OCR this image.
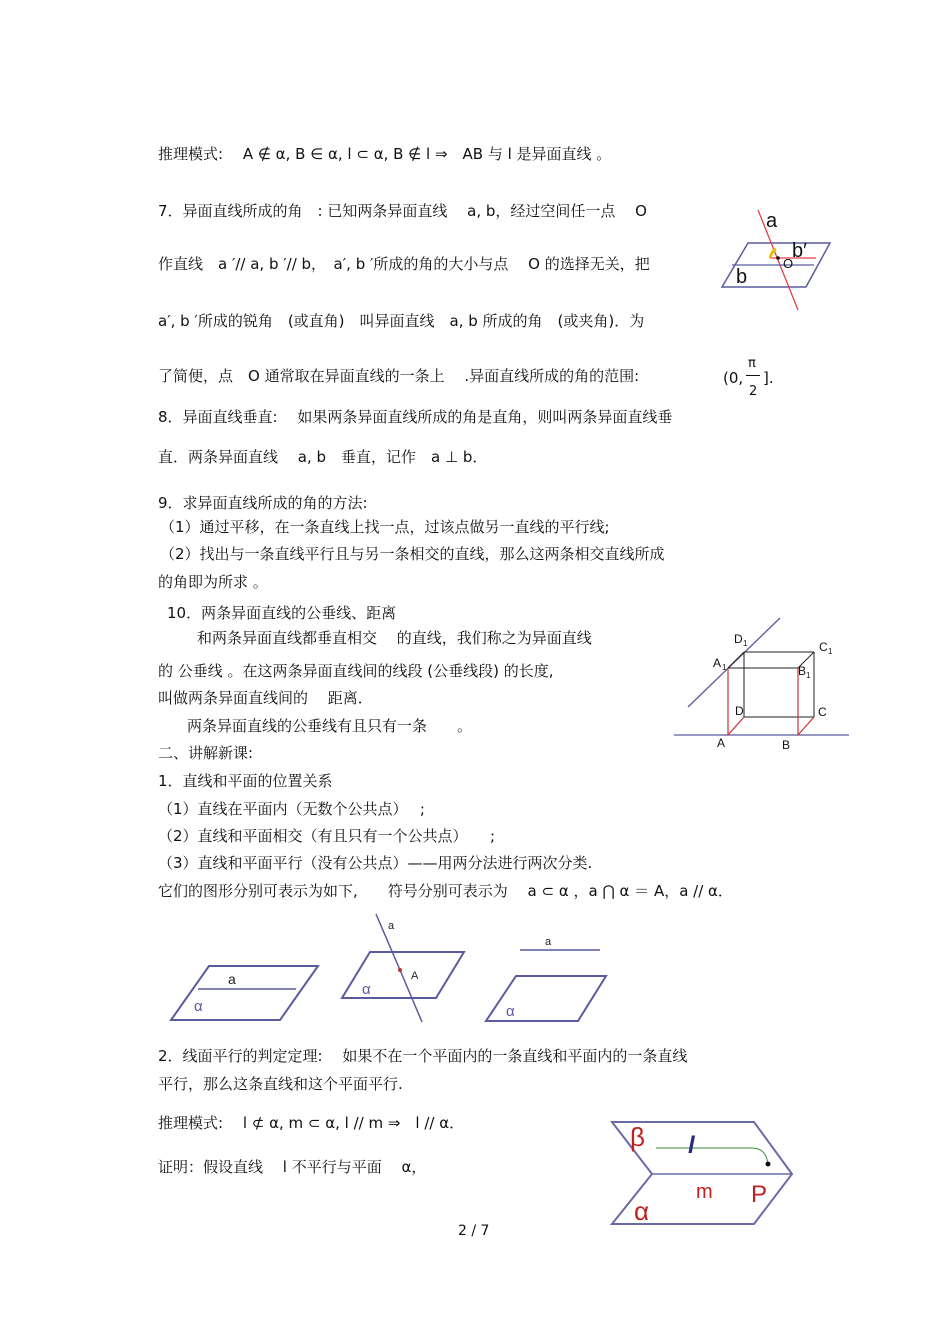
推理模式:　 A ∉ α, B ∈ α, l ⊂ α, B ∉ l ⇒　AB 与 l 是异面直线 。
7．异面直线所成的角　: 已知两条异面直线　 a, b，经过空间任一点　 O
作直线　a ′// a, b ′// b，　a′, b ′所成的角的大小与点　 O 的选择无关，把
a′, b ′所成的锐角　(或直角)　叫异面直线　a, b 所成的角　(或夹角)．为
了简便，点　O 通常取在异面直线的一条上　 .异面直线所成的角的范围:	(0,
π
2
].
8．异面直线垂直:　 如果两条异面直线所成的角是直角，则叫两条异面直线垂
直．两条异面直线　 a, b　垂直，记作　a ⊥ b．
9．求异面直线所成的角的方法:
（1）通过平移，在一条直线上找一点，过该点做另一直线的平行线;
（2）找出与一条直线平行且与另一条相交的直线，那么这两条相交直线所成
的角即为所求 。
10．两条异面直线的公垂线、距离
和两条异面直线都垂直相交　 的直线，我们称之为异面直线
的 公垂线 。在这两条异面直线间的线段 (公垂线段) 的长度,
叫做两条异面直线间的　 距离．
两条异面直线的公垂线有且只有一条　　。
二、讲解新课:
1．直线和平面的位置关系
（1）直线在平面内（无数个公共点）　 ;
（2）直线和平面相交（有且只有一个公共点）　　;
（3）直线和平面平行（没有公共点）——用两分法进行两次分类.
它们的图形分别可表示为如下,　　符号分别可表示为　 a ⊂ α ，a ⋂ α ＝ A，a // α．
2．线面平行的判定定理:　 如果不在一个平面内的一条直线和平面内的一条直线
平行，那么这条直线和这个平面平行.
推理模式:　 l ⊄ α, m ⊂ α, l // m ⇒　l // α．
证明：假设直线　 l 不平行与平面　 α，
2 / 7
a
b
b′
O
D 1	C 1
A 1	B 1
D	C
A	B
a
α
a
A
α
a
α
β l
m P
α
